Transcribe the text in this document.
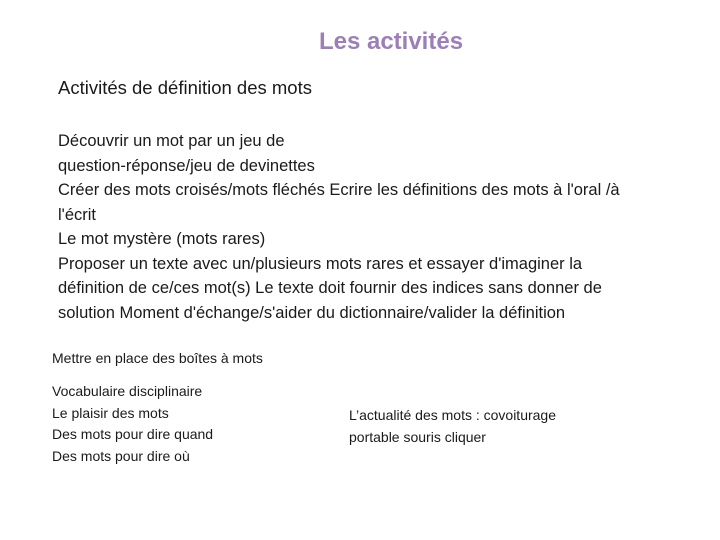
Les activités
Activités de définition des mots
Découvrir un mot par un jeu de
question-réponse/jeu de devinettes
Créer des mots croisés/mots fléchés Ecrire les définitions des mots à l'oral /à
l'écrit
Le mot mystère (mots rares)
Proposer un texte avec un/plusieurs mots rares et essayer d'imaginer la
définition de ce/ces mot(s) Le texte doit fournir des indices sans donner de
solution Moment d'échange/s'aider du dictionnaire/valider la définition
Mettre en place des boîtes à mots
Vocabulaire disciplinaire
Le plaisir des mots
Des mots pour dire quand
Des mots pour dire où
L’actualité des mots : covoiturage
portable souris cliquer
